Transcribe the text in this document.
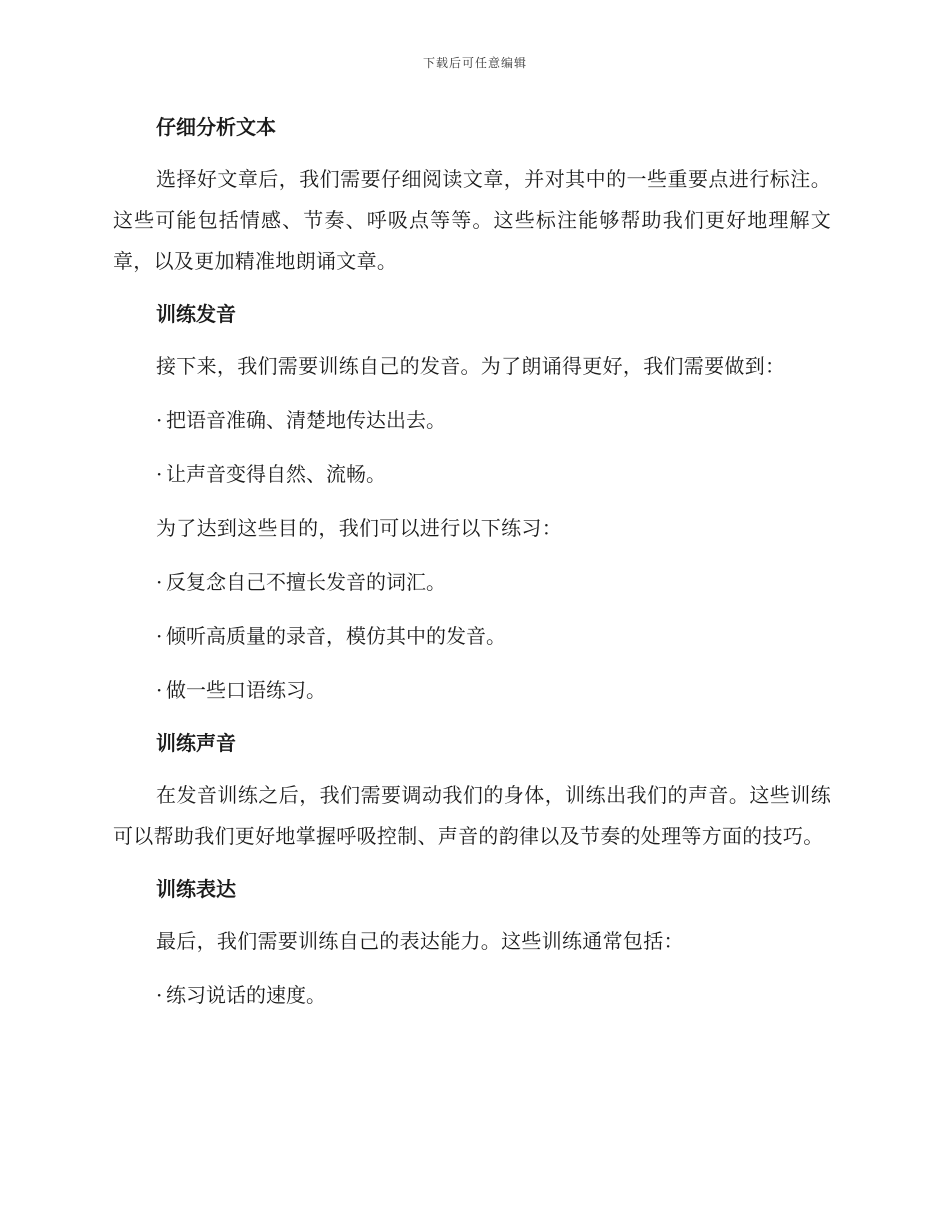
下载后可任意编辑
仔细分析文本

选择好文章后，我们需要仔细阅读文章，并对其中的一些重要点进行标注。这些可能包括情感、节奏、呼吸点等等。这些标注能够帮助我们更好地理解文章，以及更加精准地朗诵文章。

训练发音

接下来，我们需要训练自己的发音。为了朗诵得更好，我们需要做到：

· 把语音准确、清楚地传达出去。
· 让声音变得自然、流畅。

为了达到这些目的，我们可以进行以下练习：

· 反复念自己不擅长发音的词汇。
· 倾听高质量的录音，模仿其中的发音。
· 做一些口语练习。
训练声音

在发音训练之后，我们需要调动我们的身体，训练出我们的声音。这些训练可以帮助我们更好地掌握呼吸控制、声音的韵律以及节奏的处理等方面的技巧。

训练表达

最后，我们需要训练自己的表达能力。这些训练通常包括：

· 练习说话的速度。
